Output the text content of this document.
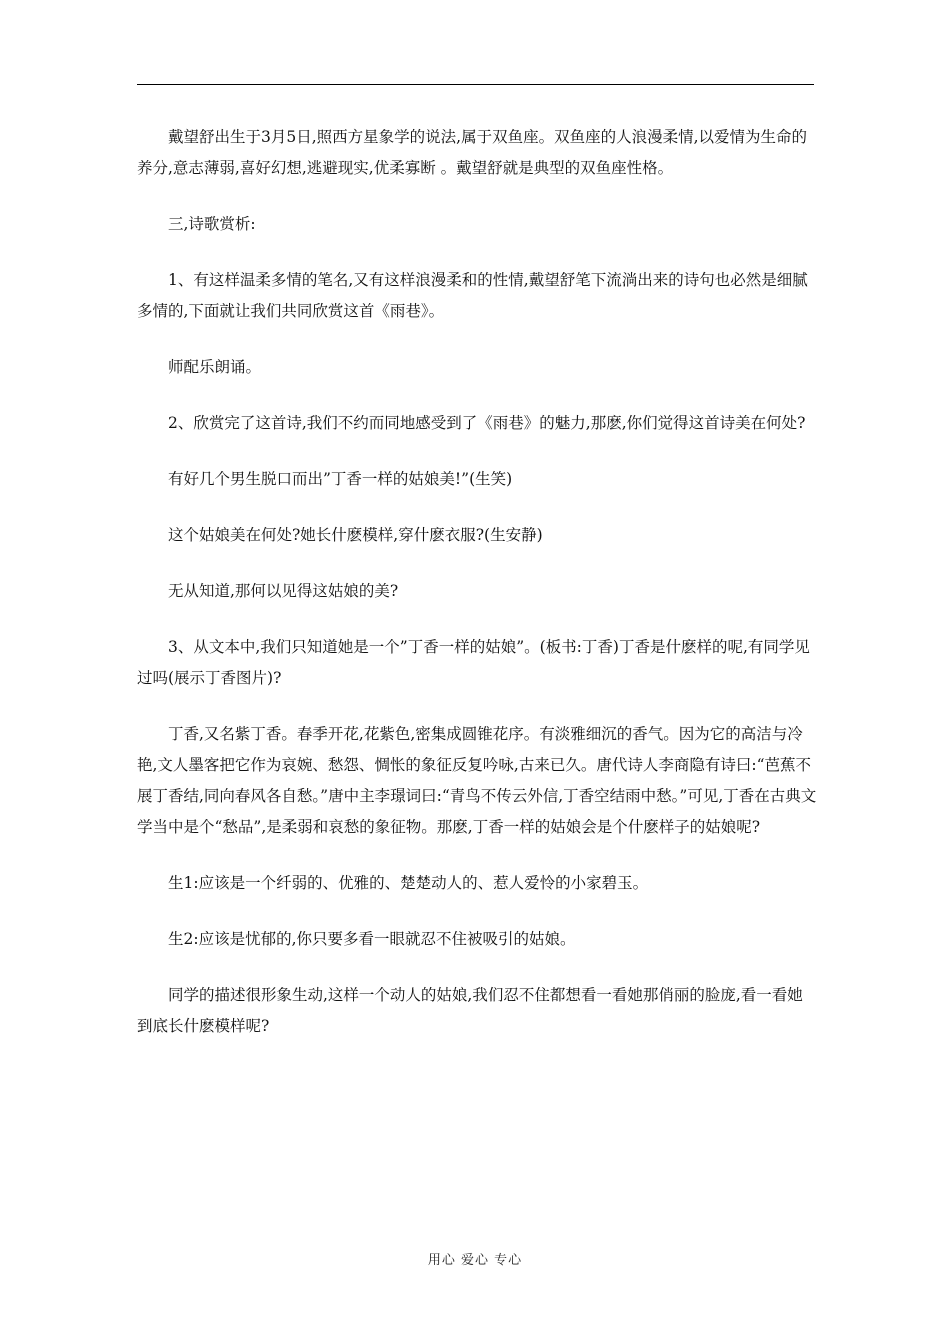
戴望舒出生于3月5日,照西方星象学的说法,属于双鱼座。双鱼座的人浪漫柔情,以爱情为生命的养分,意志薄弱,喜好幻想,逃避现实,优柔寡断 。戴望舒就是典型的双鱼座性格。

三,诗歌赏析:

1、有这样温柔多情的笔名,又有这样浪漫柔和的性情,戴望舒笔下流淌出来的诗句也必然是细腻多情的,下面就让我们共同欣赏这首《雨巷》。

师配乐朗诵。

2、欣赏完了这首诗,我们不约而同地感受到了《雨巷》的魅力,那麽,你们觉得这首诗美在何处?

有好几个男生脱口而出”丁香一样的姑娘美!”(生笑)

这个姑娘美在何处?她长什麽模样,穿什麽衣服?(生安静)

无从知道,那何以见得这姑娘的美?

3、从文本中,我们只知道她是一个”丁香一样的姑娘”。(板书:丁香)丁香是什麽样的呢,有同学见过吗(展示丁香图片)?

丁香,又名紫丁香。春季开花,花紫色,密集成圆锥花序。有淡雅细沉的香气。因为它的高洁与冷艳,文人墨客把它作为哀婉、愁怨、惆怅的象征反复吟咏,古来已久。唐代诗人李商隐有诗曰:“芭蕉不展丁香结,同向春风各自愁。”唐中主李璟词曰:“青鸟不传云外信,丁香空结雨中愁。”可见,丁香在古典文学当中是个“愁品”,是柔弱和哀愁的象征物。那麽,丁香一样的姑娘会是个什麽样子的姑娘呢?

生1:应该是一个纤弱的、优雅的、楚楚动人的、惹人爱怜的小家碧玉。

生2:应该是忧郁的,你只要多看一眼就忍不住被吸引的姑娘。

同学的描述很形象生动,这样一个动人的姑娘,我们忍不住都想看一看她那俏丽的脸庞,看一看她到底长什麽模样呢?

用心 爱心 专心
